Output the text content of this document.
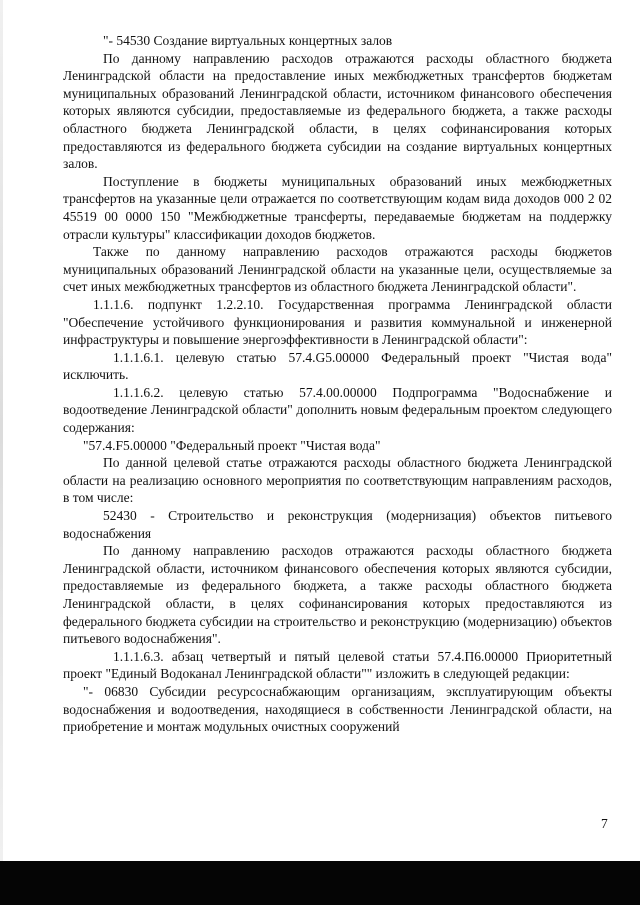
"- 54530 Создание виртуальных концертных залов

По данному направлению расходов отражаются расходы областного бюджета Ленинградской области на предоставление иных межбюджетных трансфертов бюджетам муниципальных образований Ленинградской области, источником финансового обеспечения которых являются субсидии, предоставляемые из федерального бюджета, а также расходы областного бюджета Ленинградской области, в целях софинансирования которых предоставляются из федерального бюджета субсидии на создание виртуальных концертных залов.

Поступление в бюджеты муниципальных образований иных межбюджетных трансфертов на указанные цели отражается по соответствующим кодам вида доходов 000 2 02 45519 00 0000 150 "Межбюджетные трансферты, передаваемые бюджетам на поддержку отрасли культуры" классификации доходов бюджетов.

Также по данному направлению расходов отражаются расходы бюджетов муниципальных образований Ленинградской области на указанные цели, осуществляемые за счет иных межбюджетных трансфертов из областного бюджета Ленинградской области".

1.1.1.6. подпункт 1.2.2.10. Государственная программа Ленинградской области "Обеспечение устойчивого функционирования и развития коммунальной и инженерной инфраструктуры и повышение энергоэффективности в Ленинградской области":

1.1.1.6.1. целевую статью 57.4.G5.00000 Федеральный проект "Чистая вода" исключить.

1.1.1.6.2. целевую статью 57.4.00.00000 Подпрограмма "Водоснабжение и водоотведение Ленинградской области" дополнить новым федеральным проектом следующего содержания:

"57.4.F5.00000 "Федеральный проект "Чистая вода"

По данной целевой статье отражаются расходы областного бюджета Ленинградской области на реализацию основного мероприятия по соответствующим направлениям расходов, в том числе:

52430 - Строительство и реконструкция (модернизация) объектов питьевого водоснабжения

По данному направлению расходов отражаются расходы областного бюджета Ленинградской области, источником финансового обеспечения которых являются субсидии, предоставляемые из федерального бюджета, а также расходы областного бюджета Ленинградской области, в целях софинансирования которых предоставляются из федерального бюджета субсидии на строительство и реконструкцию (модернизацию) объектов питьевого водоснабжения".

1.1.1.6.3. абзац четвертый и пятый целевой статьи 57.4.П6.00000 Приоритетный проект "Единый Водоканал Ленинградской области"" изложить в следующей редакции:

"- 06830 Субсидии ресурсоснабжающим организациям, эксплуатирующим объекты водоснабжения и водоотведения, находящиеся в собственности Ленинградской области, на приобретение и монтаж модульных очистных сооружений

7
